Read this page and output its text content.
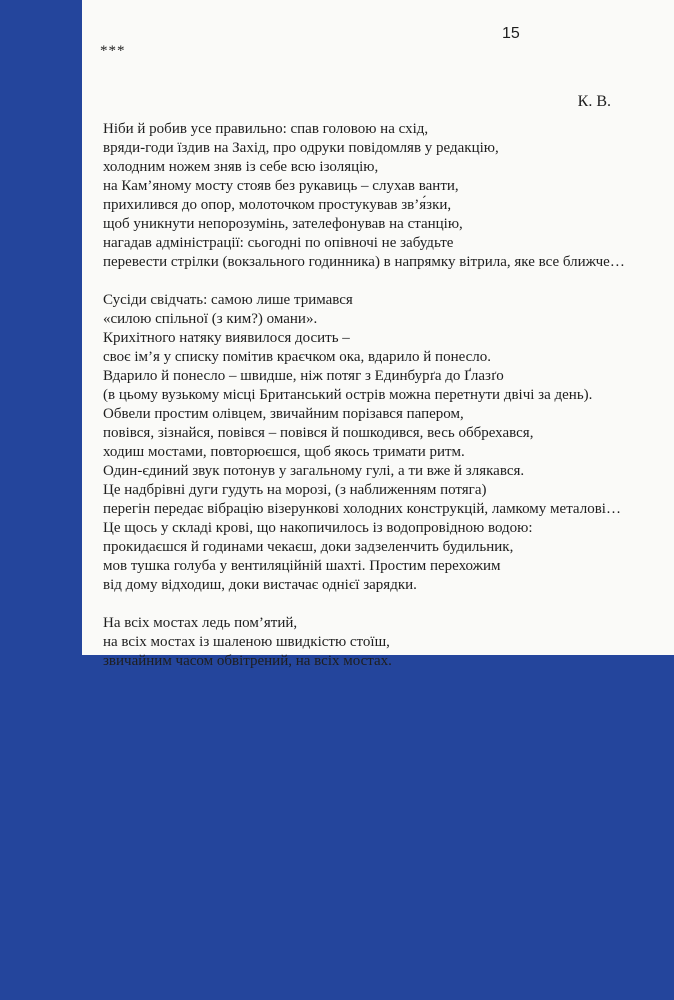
15
***
К. В.
Ніби й робив усе правильно: спав головою на схід,
вряди-годи їздив на Захід, про одруки повідомляв у редакцію,
холодним ножем зняв із себе всю ізоляцію,
на Кам’яному мосту стояв без рукавиць – слухав ванти,
прихилився до опор, молоточком простукував зв’я́зки,
щоб уникнути непорозумінь, зателефонував на станцію,
нагадав адміністрації: сьогодні по опівночі не забудьте
перевести стрілки (вокзального годинника) в напрямку вітрила, яке все ближче…
Сусіди свідчать: самою лише тримався
«силою спільної (з ким?) омани».
Крихітного натяку виявилося досить –
своє ім’я у списку помітив краєчком ока, вдарило й понесло.
Вдарило й понесло – швидше, ніж потяг з Единбурґа до Ґлазґо
(в цьому вузькому місці Британський острів можна перетнути двічі за день).
Обвели простим олівцем, звичайним порізався папером,
повівся, зізнайся, повівся – повівся й пошкодився, весь оббрехався,
ходиш мостами, повторюєшся, щоб якось тримати ритм.
Один-єдиний звук потонув у загальному гулі, а ти вже й злякався.
Це надбрівні дуги гудуть на морозі, (з наближенням потяга)
перегін передає вібрацію візерункові холодних конструкцій, ламкому металові…
Це щось у складі крові, що накопичилось із водопровідною водою:
прокидаєшся й годинами чекаєш, доки задзеленчить будильник,
мов тушка голуба у вентиляційній шахті. Простим перехожим
від дому відходиш, доки вистачає однієї зарядки.
На всіх мостах ледь пом’ятий,
на всіх мостах із шаленою швидкістю стоїш,
звичайним часом обвітрений, на всіх мостах.
